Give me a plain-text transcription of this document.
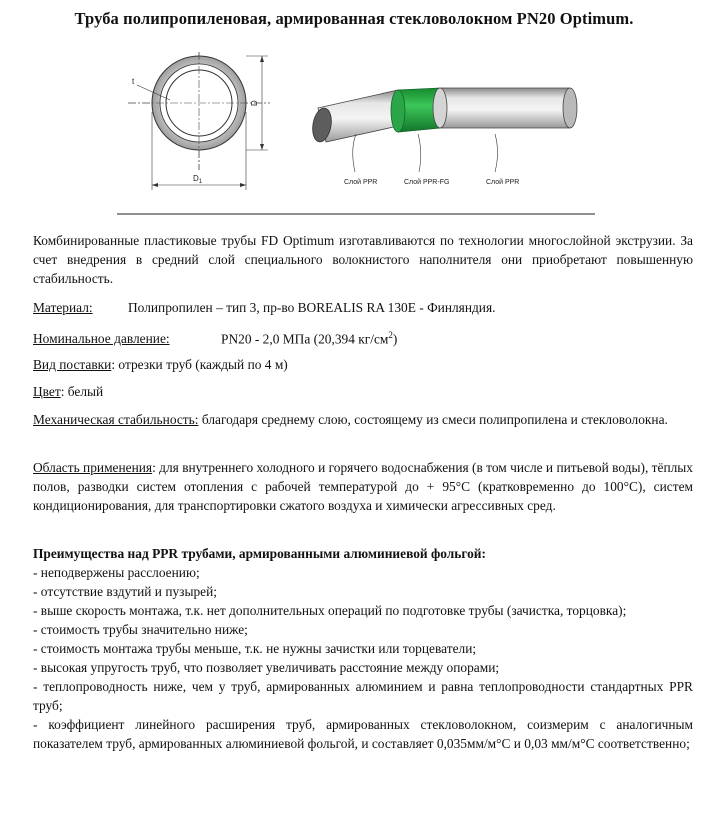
Труба полипропиленовая, армированная стекловолокном PN20 Optimum.
t
D
$D_1$	Слой PPR	Слой PPR-FG	Слой PPR
Комбинированные пластиковые трубы FD Optimum изготавливаются по технологии многослойной экструзии. За счет внедрения в средний слой специального волокнистого наполнителя они приобретают повышенную стабильность.
Материал:	Полипропилен – тип 3, пр-во BOREALIS RA 130E - Финляндия.
Номинальное давление:	PN20 - 2,0 МПа (20,394 $кг/см^2$)
Вид поставки: отрезки труб (каждый по 4 м)
Цвет: белый
Механическая стабильность: благодаря среднему слою, состоящему из смеси полипропилена и стекловолокна.
Область применения: для внутреннего холодного и горячего водоснабжения (в том числе и питьевой воды), тёплых полов, разводки систем отопления с рабочей температурой до + 95°С (кратковременно до 100°С), систем кондиционирования, для транспортировки сжатого воздуха и химически агрессивных сред.
Преимущества над PPR трубами, армированными алюминиевой фольгой:
- неподвержены расслоению;
- отсутствие вздутий и пузырей;
- выше скорость монтажа, т.к. нет дополнительных операций по подготовке трубы (зачистка, торцовка);
- стоимость трубы значительно ниже;
- стоимость монтажа трубы меньше, т.к. не нужны зачистки или торцеватели;
- высокая упругость труб, что позволяет увеличивать расстояние между опорами;
- теплопроводность ниже, чем у труб, армированных алюминием и равна теплопроводности стандартных PPR труб;
- коэффициент линейного расширения труб, армированных стекловолокном, соизмерим с аналогичным показателем труб, армированных алюминиевой фольгой, и составляет 0,035мм/м°С и 0,03 мм/м°С соответственно;
